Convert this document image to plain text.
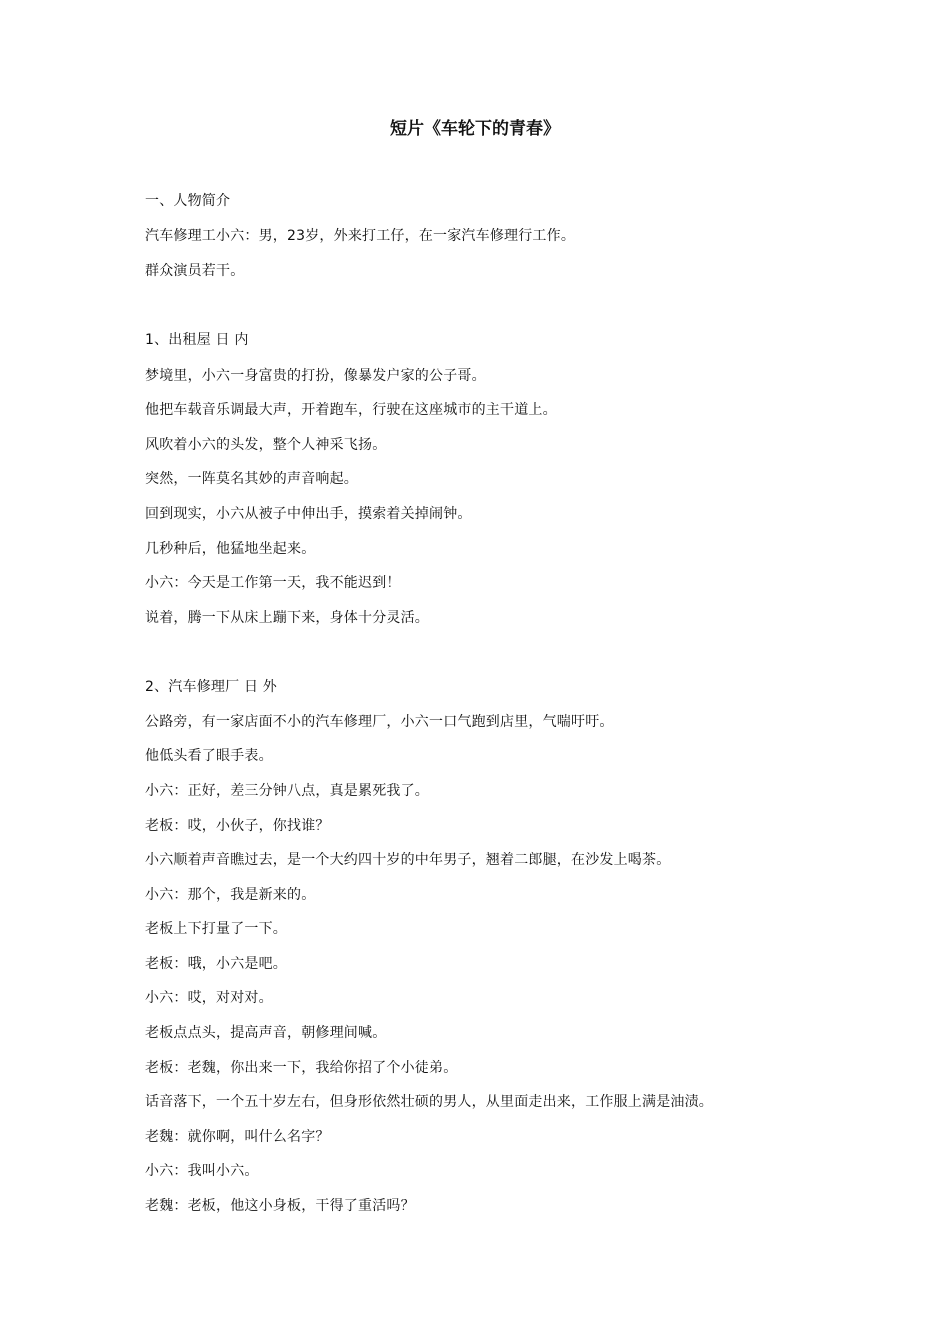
短片《车轮下的青春》
一、人物简介
汽车修理工小六：男，23岁，外来打工仔，在一家汽车修理行工作。
群众演员若干。
1、出租屋 日 内
梦境里，小六一身富贵的打扮，像暴发户家的公子哥。
他把车载音乐调最大声，开着跑车，行驶在这座城市的主干道上。
风吹着小六的头发，整个人神采飞扬。
突然，一阵莫名其妙的声音响起。
回到现实，小六从被子中伸出手，摸索着关掉闹钟。
几秒种后，他猛地坐起来。
小六：今天是工作第一天，我不能迟到！
说着，腾一下从床上蹦下来，身体十分灵活。
2、汽车修理厂 日 外
公路旁，有一家店面不小的汽车修理厂，小六一口气跑到店里，气喘吁吁。
他低头看了眼手表。
小六：正好，差三分钟八点，真是累死我了。
老板：哎，小伙子，你找谁？
小六顺着声音瞧过去，是一个大约四十岁的中年男子，翘着二郎腿，在沙发上喝茶。
小六：那个，我是新来的。
老板上下打量了一下。
老板：哦，小六是吧。
小六：哎，对对对。
老板点点头，提高声音，朝修理间喊。
老板：老魏，你出来一下，我给你招了个小徒弟。
话音落下，一个五十岁左右，但身形依然壮硕的男人，从里面走出来，工作服上满是油渍。
老魏：就你啊，叫什么名字？
小六：我叫小六。
老魏：老板，他这小身板，干得了重活吗？
